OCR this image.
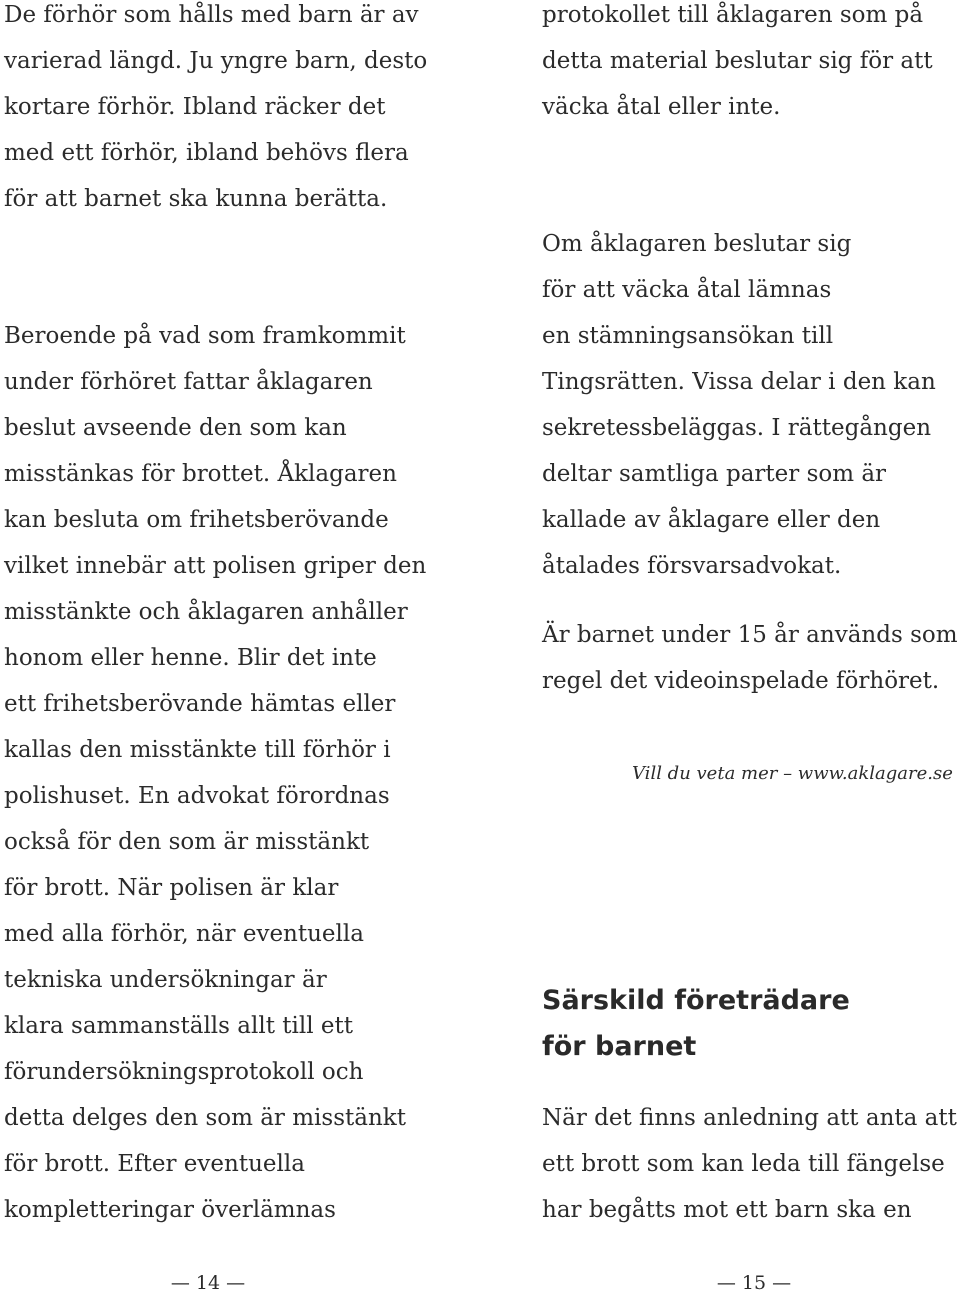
De förhör som hålls med barn är av
varierad längd. Ju yngre barn, desto
kortare förhör. Ibland räcker det
med ett förhör, ibland behövs flera
för att barnet ska kunna berätta.
Beroende på vad som framkommit
under förhöret fattar åklagaren
beslut avseende den som kan
misstänkas för brottet. Åklagaren
kan besluta om frihetsberövande
vilket innebär att polisen griper den
misstänkte och åklagaren anhåller
honom eller henne. Blir det inte
ett frihetsberövande hämtas eller
kallas den misstänkte till förhör i
polishuset. En advokat förordnas
också för den som är misstänkt
för brott. När polisen är klar
med alla förhör, när eventuella
tekniska undersökningar är
klara sammanställs allt till ett
förundersökningsprotokoll och
detta delges den som är misstänkt
för brott. Efter eventuella
kompletteringar överlämnas
— 14 —
protokollet till åklagaren som på
detta material beslutar sig för att
väcka åtal eller inte.
Om åklagaren beslutar sig
för att väcka åtal lämnas
en stämningsansökan till
Tingsrätten. Vissa delar i den kan
sekretessbeläggas. I rättegången
deltar samtliga parter som är
kallade av åklagare eller den
åtalades försvarsadvokat.
Är barnet under 15 år används som
regel det videoinspelade förhöret.
Vill du veta mer – www.aklagare.se
Särskild företrädare
för barnet
När det finns anledning att anta att
ett brott som kan leda till fängelse
har begåtts mot ett barn ska en
— 15 —
